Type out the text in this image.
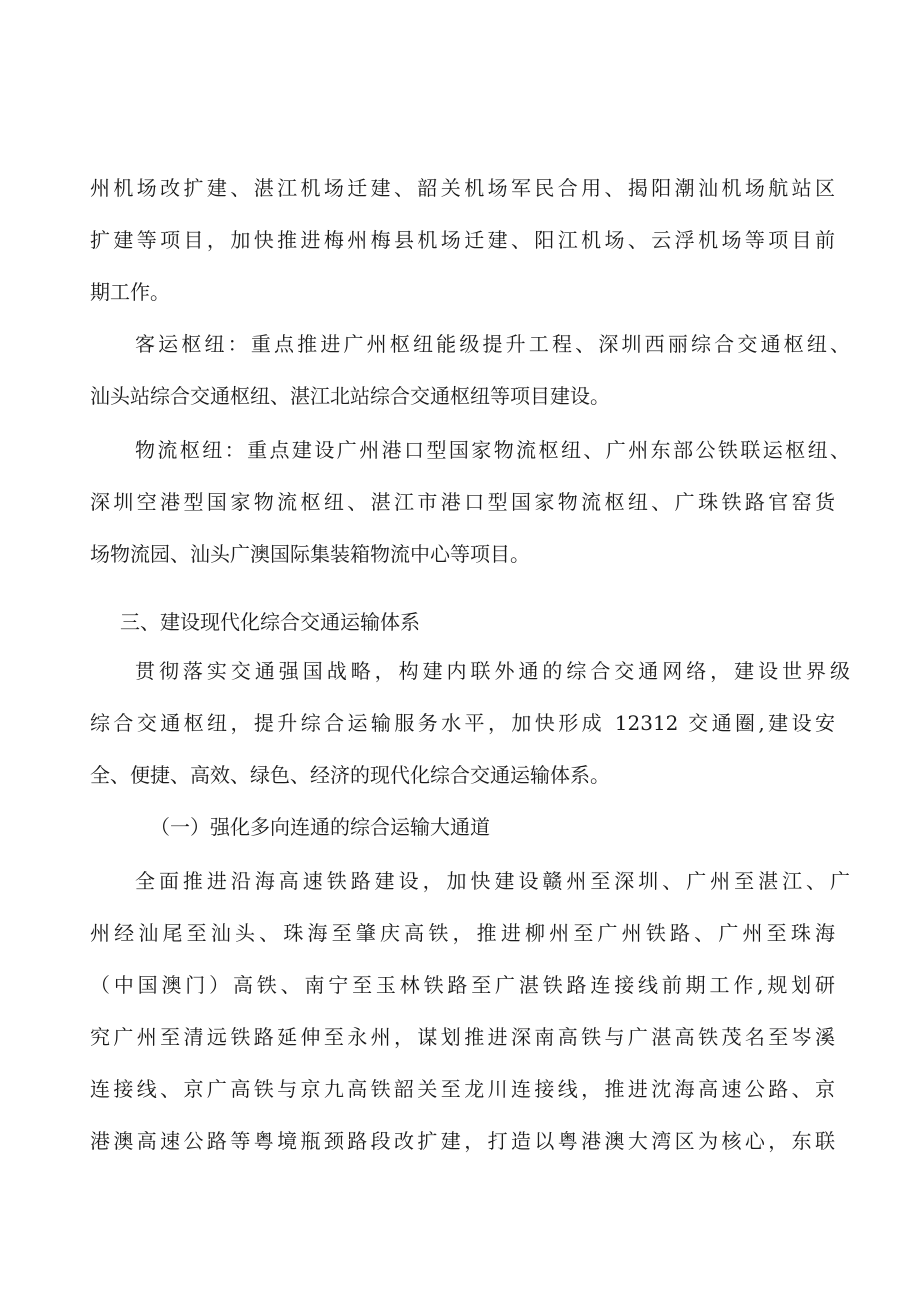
州机场改扩建、湛江机场迁建、韶关机场军民合用、揭阳潮汕机场航站区
扩建等项目，加快推进梅州梅县机场迁建、阳江机场、云浮机场等项目前
期工作。
客运枢纽：重点推进广州枢纽能级提升工程、深圳西丽综合交通枢纽、
汕头站综合交通枢纽、湛江北站综合交通枢纽等项目建设。
物流枢纽：重点建设广州港口型国家物流枢纽、广州东部公铁联运枢纽、
深圳空港型国家物流枢纽、湛江市港口型国家物流枢纽、广珠铁路官窑货
场物流园、汕头广澳国际集装箱物流中心等项目。
三、建设现代化综合交通运输体系
贯彻落实交通强国战略，构建内联外通的综合交通网络，建设世界级
综合交通枢纽，提升综合运输服务水平，加快形成 12312 交通圈,建设安
全、便捷、高效、绿色、经济的现代化综合交通运输体系。
（一）强化多向连通的综合运输大通道
全面推进沿海高速铁路建设，加快建设赣州至深圳、广州至湛江、广
州经汕尾至汕头、珠海至肇庆高铁，推进柳州至广州铁路、广州至珠海
（中国澳门）高铁、南宁至玉林铁路至广湛铁路连接线前期工作,规划研
究广州至清远铁路延伸至永州，谋划推进深南高铁与广湛高铁茂名至岑溪
连接线、京广高铁与京九高铁韶关至龙川连接线，推进沈海高速公路、京
港澳高速公路等粤境瓶颈路段改扩建，打造以粤港澳大湾区为核心，东联
